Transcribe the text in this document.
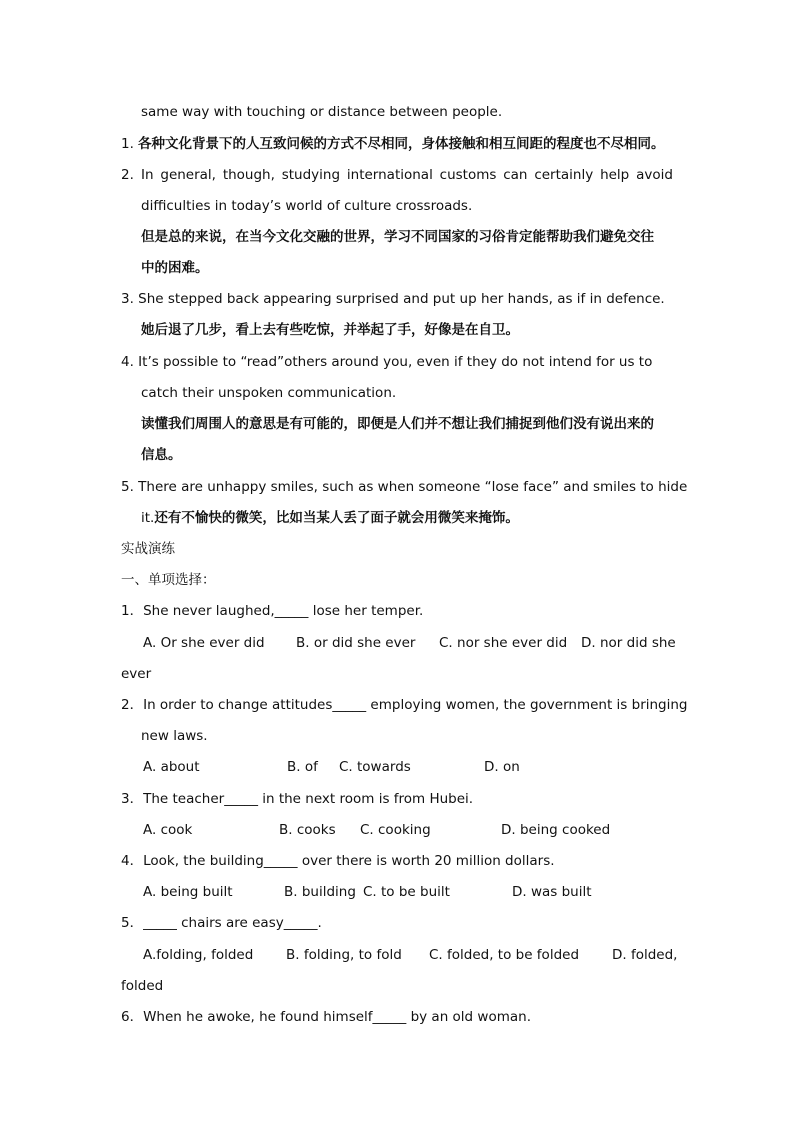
same way with touching or distance between people.
1. 各种文化背景下的人互致问候的方式不尽相同，身体接触和相互间距的程度也不尽相同。
2. In general, though, studying international customs can certainly help avoid
difficulties in today’s world of culture crossroads.
但是总的来说，在当今文化交融的世界，学习不同国家的习俗肯定能帮助我们避免交往
中的困难。
3. She stepped back appearing surprised and put up her hands, as if in defence.
她后退了几步，看上去有些吃惊，并举起了手，好像是在自卫。
4. It’s possible to “read”others around you, even if they do not intend for us to
catch their unspoken communication.
读懂我们周围人的意思是有可能的，即便是人们并不想让我们捕捉到他们没有说出来的
信息。
5. There are unhappy smiles, such as when someone “lose face” and smiles to hide
it.还有不愉快的微笑，比如当某人丢了面子就会用微笑来掩饰。
实战演练
一、单项选择：
1．She never laughed,_____ lose her temper.
A. Or she ever did B. or did she ever C. nor she ever did D. nor did she
ever
2．In order to change attitudes_____ employing women, the government is bringing
new laws.
A. about	B. of C. towards	D. on
3．The teacher_____ in the next room is from Hubei.
A. cook	B. cooks C. cooking	D. being cooked
4．Look, the building_____ over there is worth 20 million dollars.
A. being built	B. building C. to be built	D. was built
5．_____ chairs are easy_____.
A.folding, folded B. folding, to fold C. folded, to be folded D. folded,
folded
6．When he awoke, he found himself_____ by an old woman.
